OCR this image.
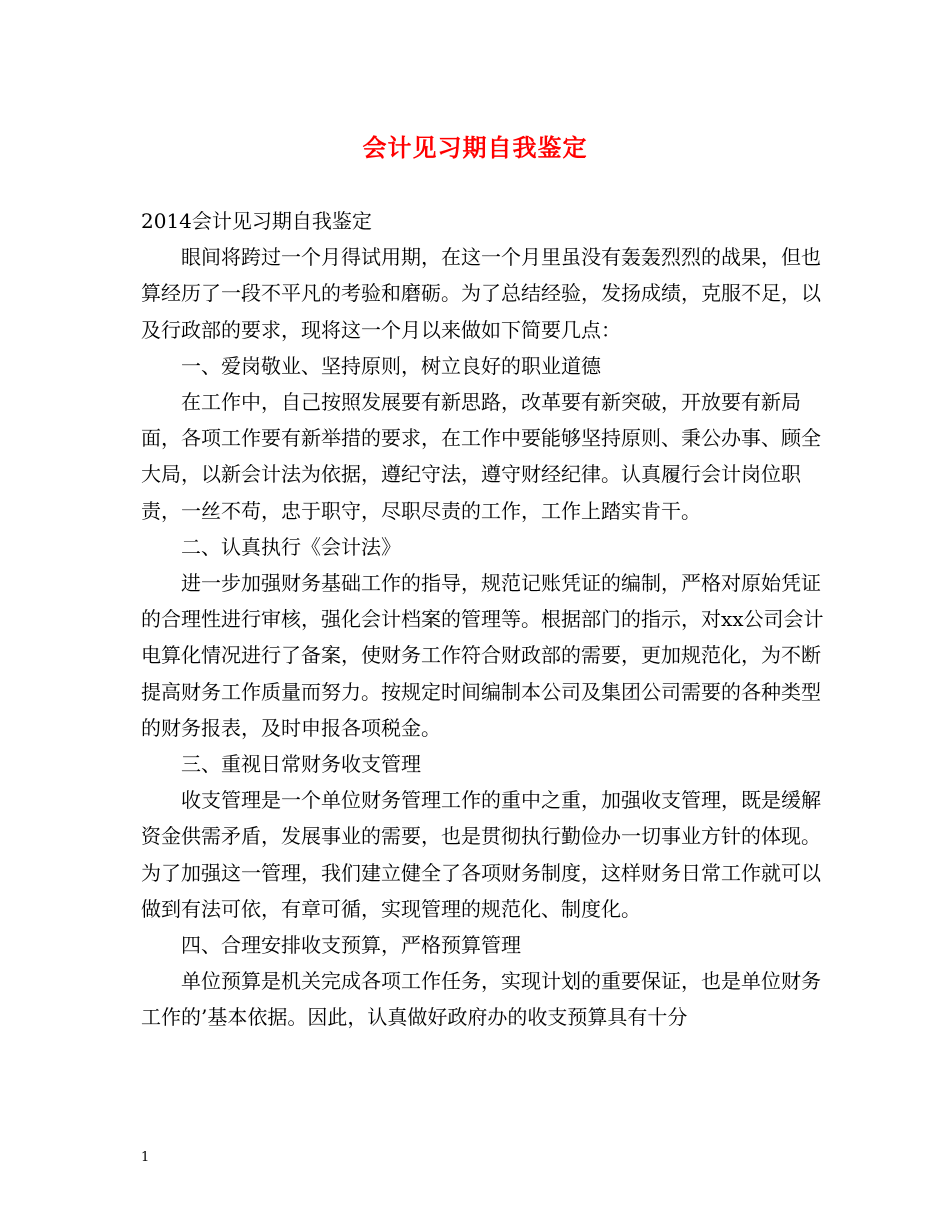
会计见习期自我鉴定

2014会计见习期自我鉴定

眼间将跨过一个月得试用期，在这一个月里虽没有轰轰烈烈的战果，但也算经历了一段不平凡的考验和磨砺。为了总结经验，发扬成绩，克服不足，以及行政部的要求，现将这一个月以来做如下简要几点：

一、爱岗敬业、坚持原则，树立良好的职业道德

在工作中，自己按照发展要有新思路，改革要有新突破，开放要有新局面，各项工作要有新举措的要求，在工作中要能够坚持原则、秉公办事、顾全大局，以新会计法为依据，遵纪守法，遵守财经纪律。认真履行会计岗位职责，一丝不苟，忠于职守，尽职尽责的工作，工作上踏实肯干。

二、认真执行《会计法》

进一步加强财务基础工作的指导，规范记账凭证的编制，严格对原始凭证的合理性进行审核，强化会计档案的管理等。根据部门的指示，对xx公司会计电算化情况进行了备案，使财务工作符合财政部的需要，更加规范化，为不断提高财务工作质量而努力。按规定时间编制本公司及集团公司需要的各种类型的财务报表，及时申报各项税金。

三、重视日常财务收支管理

收支管理是一个单位财务管理工作的重中之重，加强收支管理，既是缓解资金供需矛盾，发展事业的需要，也是贯彻执行勤俭办一切事业方针的体现。为了加强这一管理，我们建立健全了各项财务制度，这样财务日常工作就可以做到有法可依，有章可循，实现管理的规范化、制度化。

四、合理安排收支预算，严格预算管理

单位预算是机关完成各项工作任务，实现计划的重要保证，也是单位财务工作的’基本依据。因此，认真做好政府办的收支预算具有十分

1
